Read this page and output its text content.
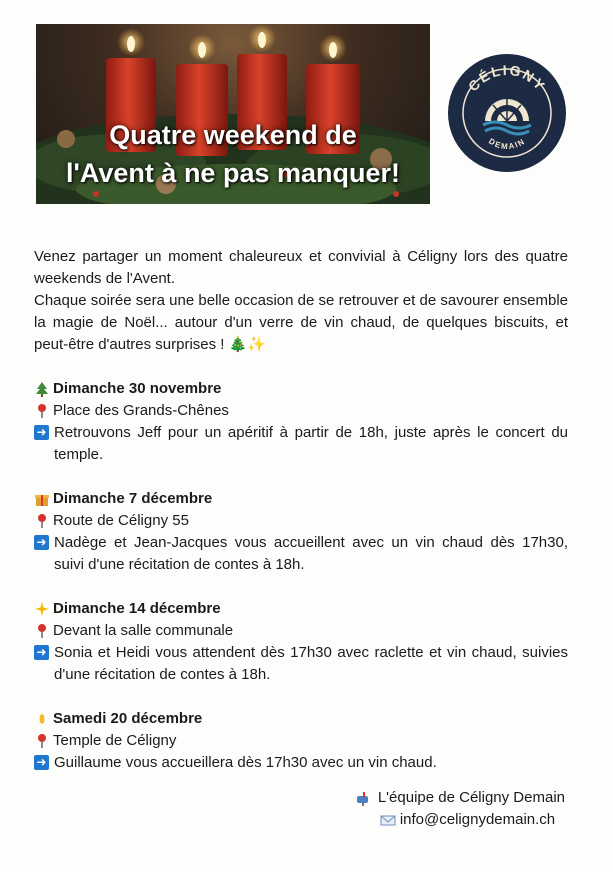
Quatre weekend de
l'Avent à ne pas manquer!
CÉLIGNY
DEMAIN

Venez partager un moment chaleureux et convivial à Céligny lors des quatre weekends de l'Avent.

Chaque soirée sera une belle occasion de se retrouver et de savourer ensemble la magie de Noël... autour d'un verre de vin chaud, de quelques biscuits, et peut-être d'autres surprises ! 🎄✨

Dimanche 30 novembre
Place des Grands-Chênes
➜ Retrouvons Jeff pour un apéritif à partir de 18h, juste après le concert du temple.
Dimanche 7 décembre
Route de Céligny 55
➜ Nadège et Jean-Jacques vous accueillent avec un vin chaud dès 17h30, suivi d'une récitation de contes à 18h.
Dimanche 14 décembre
Devant la salle communale
➜ Sonia et Heidi vous attendent dès 17h30 avec raclette et vin chaud, suivies d'une récitation de contes à 18h.
Samedi 20 décembre
Temple de Céligny
➜ Guillaume vous accueillera dès 17h30 avec un vin chaud.
L'équipe de Céligny Demain
info@celignydemain.ch
